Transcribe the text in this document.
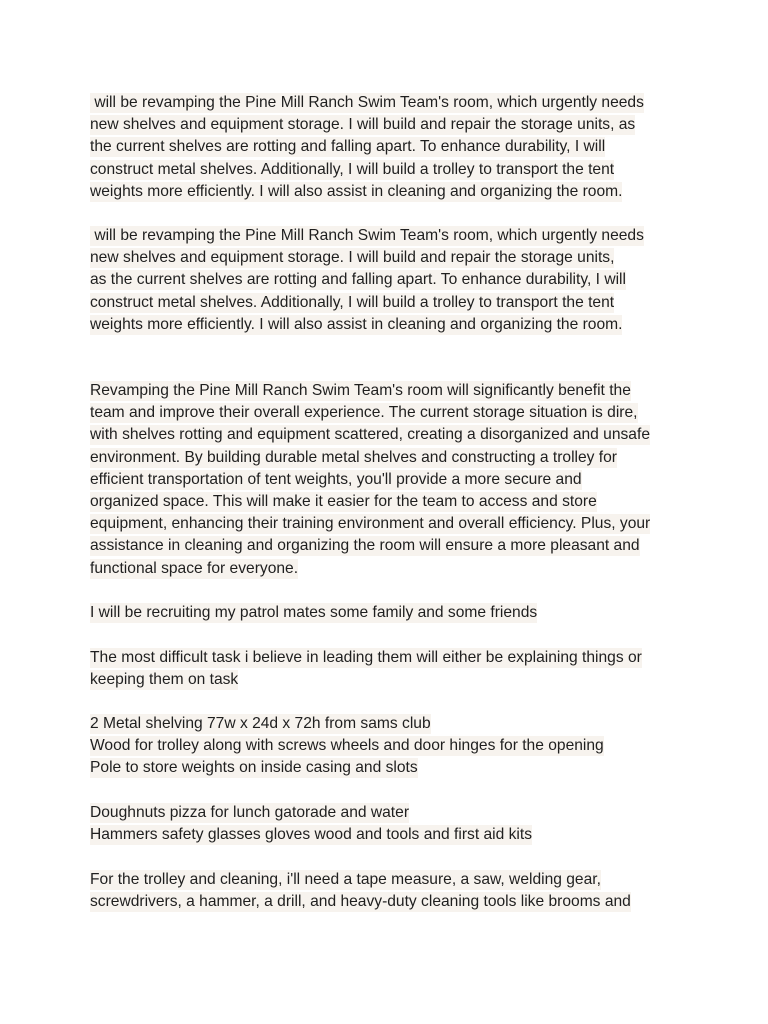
will be revamping the Pine Mill Ranch Swim Team's room, which urgently needs
new shelves and equipment storage. I will build and repair the storage units, as
the current shelves are rotting and falling apart. To enhance durability, I will
construct metal shelves. Additionally, I will build a trolley to transport the tent
weights more efficiently. I will also assist in cleaning and organizing the room.
will be revamping the Pine Mill Ranch Swim Team's room, which urgently needs
new shelves and equipment storage. I will build and repair the storage units,
as the current shelves are rotting and falling apart. To enhance durability, I will
construct metal shelves. Additionally, I will build a trolley to transport the tent
weights more efficiently. I will also assist in cleaning and organizing the room.
Revamping the Pine Mill Ranch Swim Team's room will significantly benefit the
team and improve their overall experience. The current storage situation is dire,
with shelves rotting and equipment scattered, creating a disorganized and unsafe
environment. By building durable metal shelves and constructing a trolley for
efficient transportation of tent weights, you'll provide a more secure and
organized space. This will make it easier for the team to access and store
equipment, enhancing their training environment and overall efficiency. Plus, your
assistance in cleaning and organizing the room will ensure a more pleasant and
functional space for everyone.
I will be recruiting my patrol mates some family and some friends
The most difficult task i believe in leading them will either be explaining things or
keeping them on task
2 Metal shelving 77w x 24d x 72h from sams club
Wood for trolley along with screws wheels and door hinges for the opening
Pole to store weights on inside casing and slots
Doughnuts pizza for lunch gatorade and water
Hammers safety glasses gloves wood and tools and first aid kits
For the trolley and cleaning, i'll need a tape measure, a saw, welding gear,
screwdrivers, a hammer, a drill, and heavy-duty cleaning tools like brooms and
